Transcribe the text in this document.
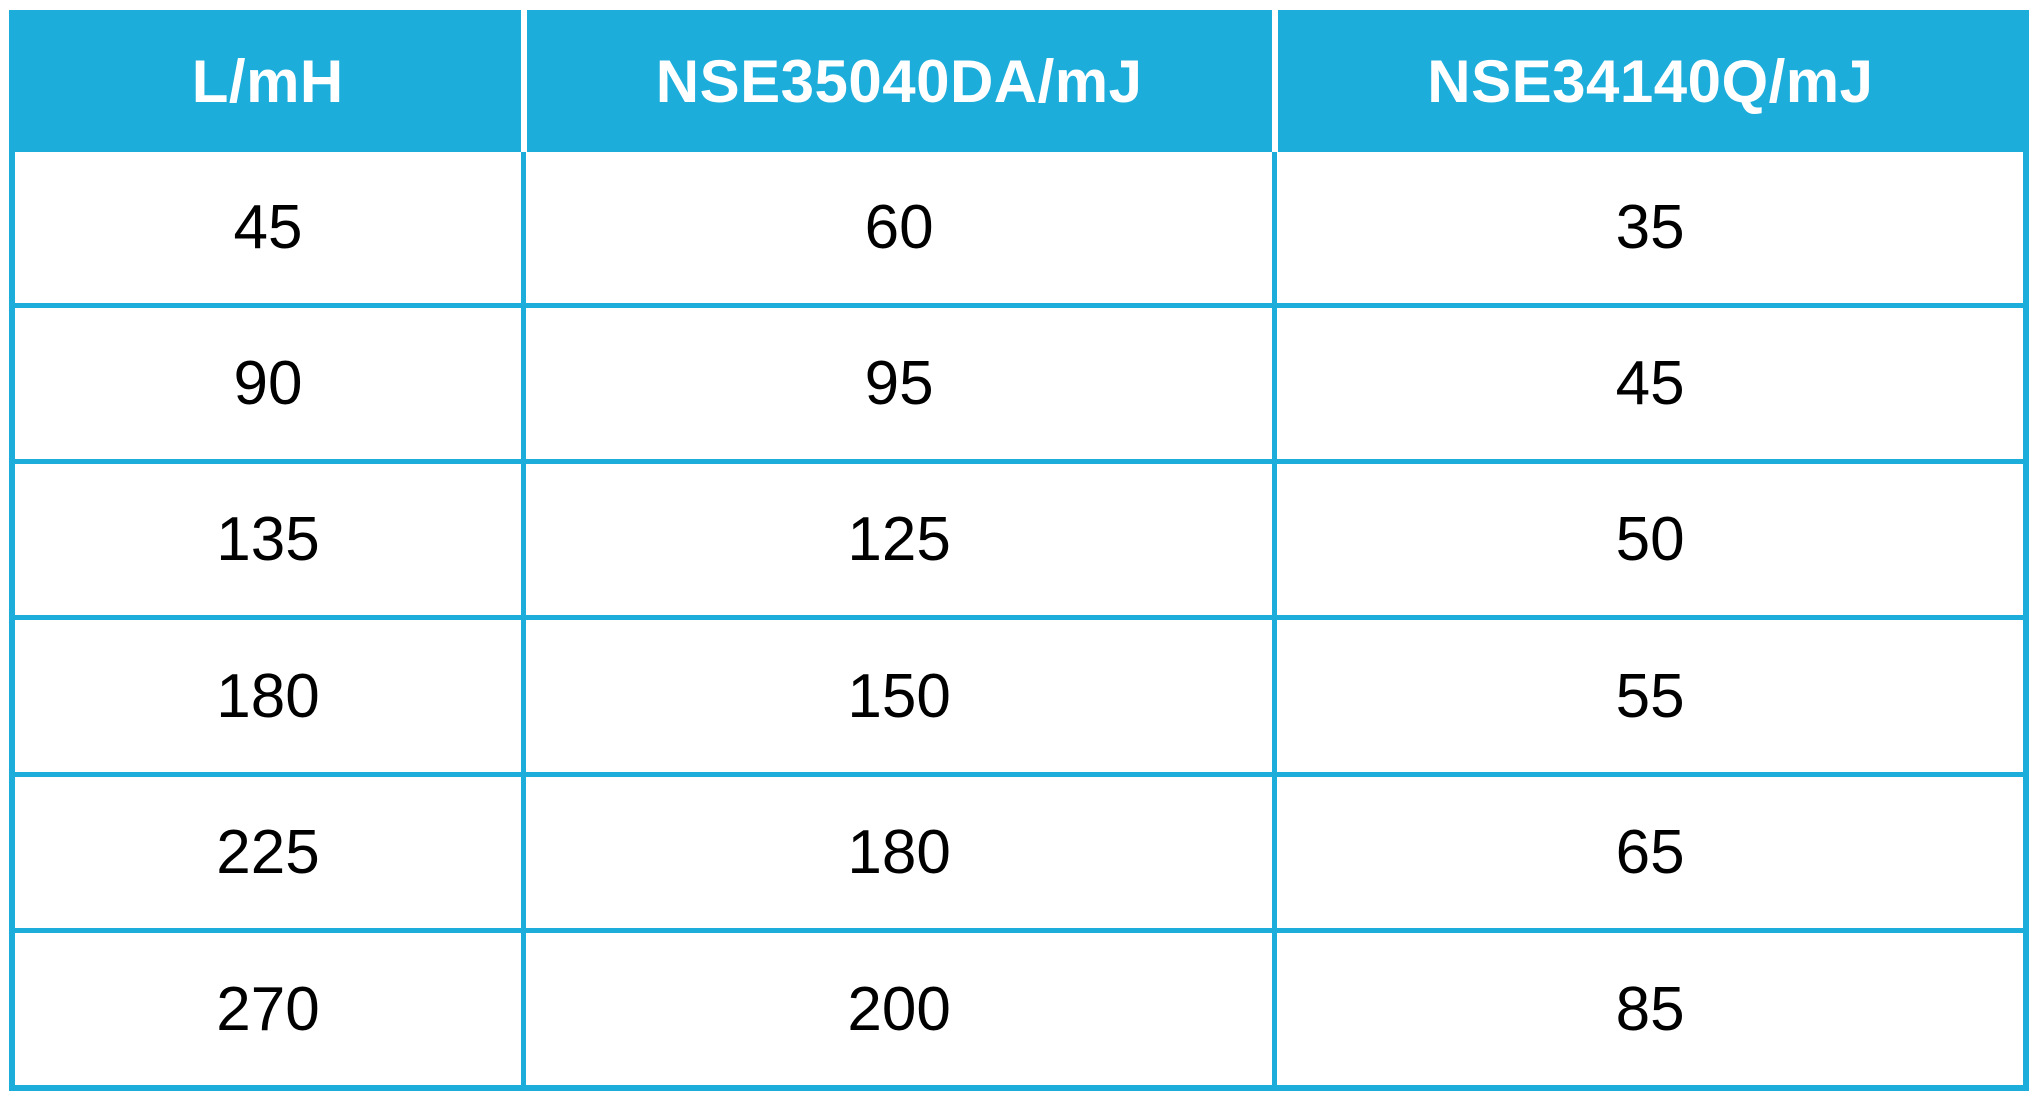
L/mH	NSE35040DA/mJ	NSE34140Q/mJ
45	60	35
90	95	45
135	125	50
180	150	55
225	180	65
270	200	85
